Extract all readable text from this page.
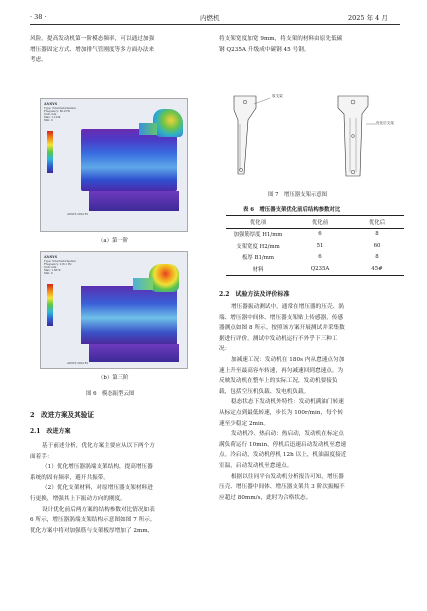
· 38 ·	内燃机	2025 年 4 月
风险。提高发动机第一阶模态频率，可以通过加强
增压器固定方式、增加排气管刚度等多方面办法来
考虑。
ANSYS
Type: Total Deformation
Frequency: 80.9 Hz
Unit: mm
Max: 1.1234
Min: 0
ANSYS 2024 R1
（a）第一阶
ANSYS
Type: Total Deformation
Frequency: 216.1 Hz
Unit: mm
Max: 1.5679
Min: 0
ANSYS 2024 R1
（b）第三阶
图 6　模态振型云图
2　改进方案及其验证
2.1　改进方案
基于前述分析，优化方案主要应从以下两个方
面着手：
（1）优化增压器涡端支架结构，提高增压器
系统的固有频率，避开共振带。
（2）优化支架材料，对原增压器支架材料进
行更换，增强其上下振动方向的刚度。
设计优化前后两方案的结构参数对比情况如表
6 所示，增压器涡端支架结构示意图如图 7 所示。
优化方案中将对加强筋与支架板厚增加了 2mm，
将支架宽度加宽 9mm，将支架的材料由原先低碳
钢 Q235A 升级成中碳钢 45 号钢。
原支架
优化后支架
图 7　增压器支架示意图
表 6　增压器支架优化前后结构参数对比
优化项	优化前	优化后
加强筋厚度 H1/mm	6	8
支架宽度 H2/mm	51	60
板厚 B1/mm	6	8
材料	Q235A	45#
2.2　试验方法及评价标准
增压器振动测试中，通常在增压器的压壳、涡
端、增压器中间体、增压器支架贴上传感器，传感
器测点如图 8 所示。按照该方案开展测试并采集数
据进行评价。测试中发动机运行不外乎下三种工
况：
加减速工况：发动机在 180s 内从怠速点匀加
速上升至最高容车转速，再匀减速回到怠速点。为
反映发动机在整车上的实际工况，发动机要接负
载，包括空压机负载、发电机负载。
稳态状态下发动机外特性：发动机满油门转速
从标定点到最低转速，步长为 100r/min，每个转
速至少稳定 2min。
发动机冷、热启动：热启动，发动机在标定点
满负荷运行 10min，停机后迅速启动发动机至怠速
点。冷启动，发动机停机 12h 以上，机油温度接近
室温，启动发动机至怠速点。
根据以往同平台发动机分析报告可知，增压器
压壳、增压器中间体、增压器支架共 3 阶次振幅不
应超过 80mm/s，此时为合格状态。
